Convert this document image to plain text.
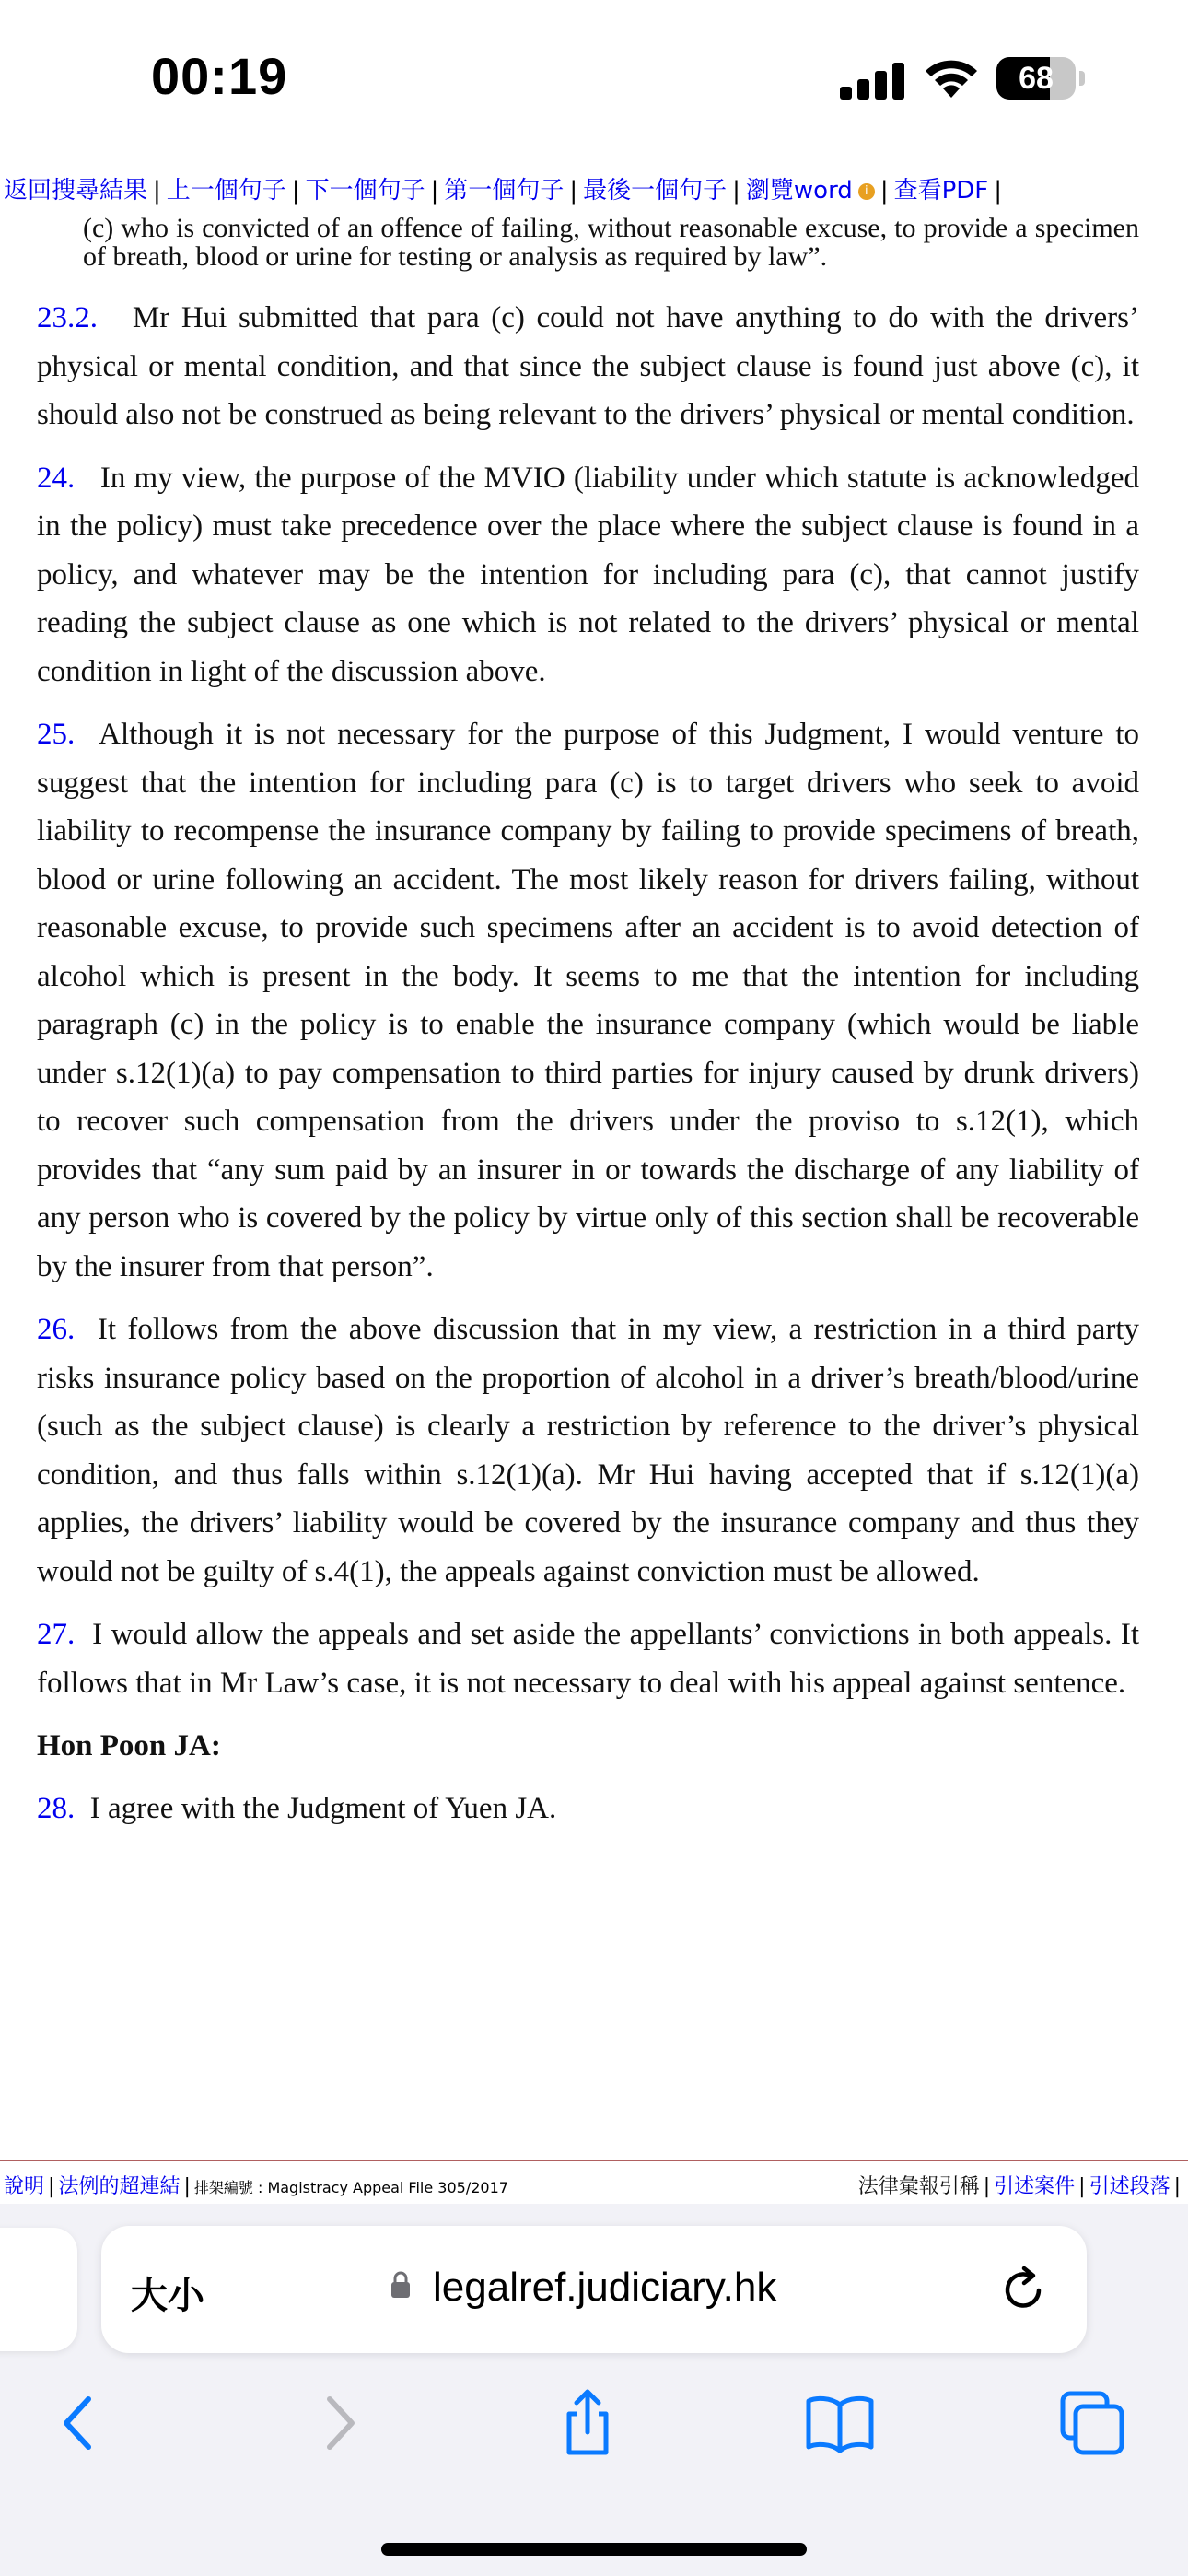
00:19	68
返回搜尋結果 | 上一個句子 | 下一個句子 | 第一個句子 | 最後一個句子 | 瀏覽word i | 查看PDF |

(c) who is convicted of an offence of failing, without reasonable excuse, to provide a specimen of breath, blood or urine for testing or analysis as required by law”.

23.2. Mr Hui submitted that para (c) could not have anything to do with the drivers’ physical or mental condition, and that since the subject clause is found just above (c), it should also not be construed as being relevant to the drivers’ physical or mental condition.

24. In my view, the purpose of the MVIO (liability under which statute is acknowledged in the policy) must take precedence over the place where the subject clause is found in a policy, and whatever may be the intention for including para (c), that cannot justify reading the subject clause as one which is not related to the drivers’ physical or mental condition in light of the discussion above.

25. Although it is not necessary for the purpose of this Judgment, I would venture to suggest that the intention for including para (c) is to target drivers who seek to avoid liability to recompense the insurance company by failing to provide specimens of breath, blood or urine following an accident. The most likely reason for drivers failing, without reasonable excuse, to provide such specimens after an accident is to avoid detection of alcohol which is present in the body. It seems to me that the intention for including paragraph (c) in the policy is to enable the insurance company (which would be liable under s.12(1)(a) to pay compensation to third parties for injury caused by drunk drivers) to recover such compensation from the drivers under the proviso to s.12(1), which provides that “any sum paid by an insurer in or towards the discharge of any liability of any person who is covered by the policy by virtue only of this section shall be recoverable by the insurer from that person”.

26. It follows from the above discussion that in my view, a restriction in a third party risks insurance policy based on the proportion of alcohol in a driver’s breath/blood/urine (such as the subject clause) is clearly a restriction by reference to the driver’s physical condition, and thus falls within s.12(1)(a). Mr Hui having accepted that if s.12(1)(a) applies, the drivers’ liability would be covered by the insurance company and thus they would not be guilty of s.4(1), the appeals against conviction must be allowed.

27. I would allow the appeals and set aside the appellants’ convictions in both appeals. It follows that in Mr Law’s case, it is not necessary to deal with his appeal against sentence.

Hon Poon JA:

28. I agree with the Judgment of Yuen JA.

說明 | 法例的超連結 | 排架編號 : Magistracy Appeal File 305/2017	法律彙報引稱 | 引述案件 | 引述段落 |
大小	legalref.judiciary.hk
